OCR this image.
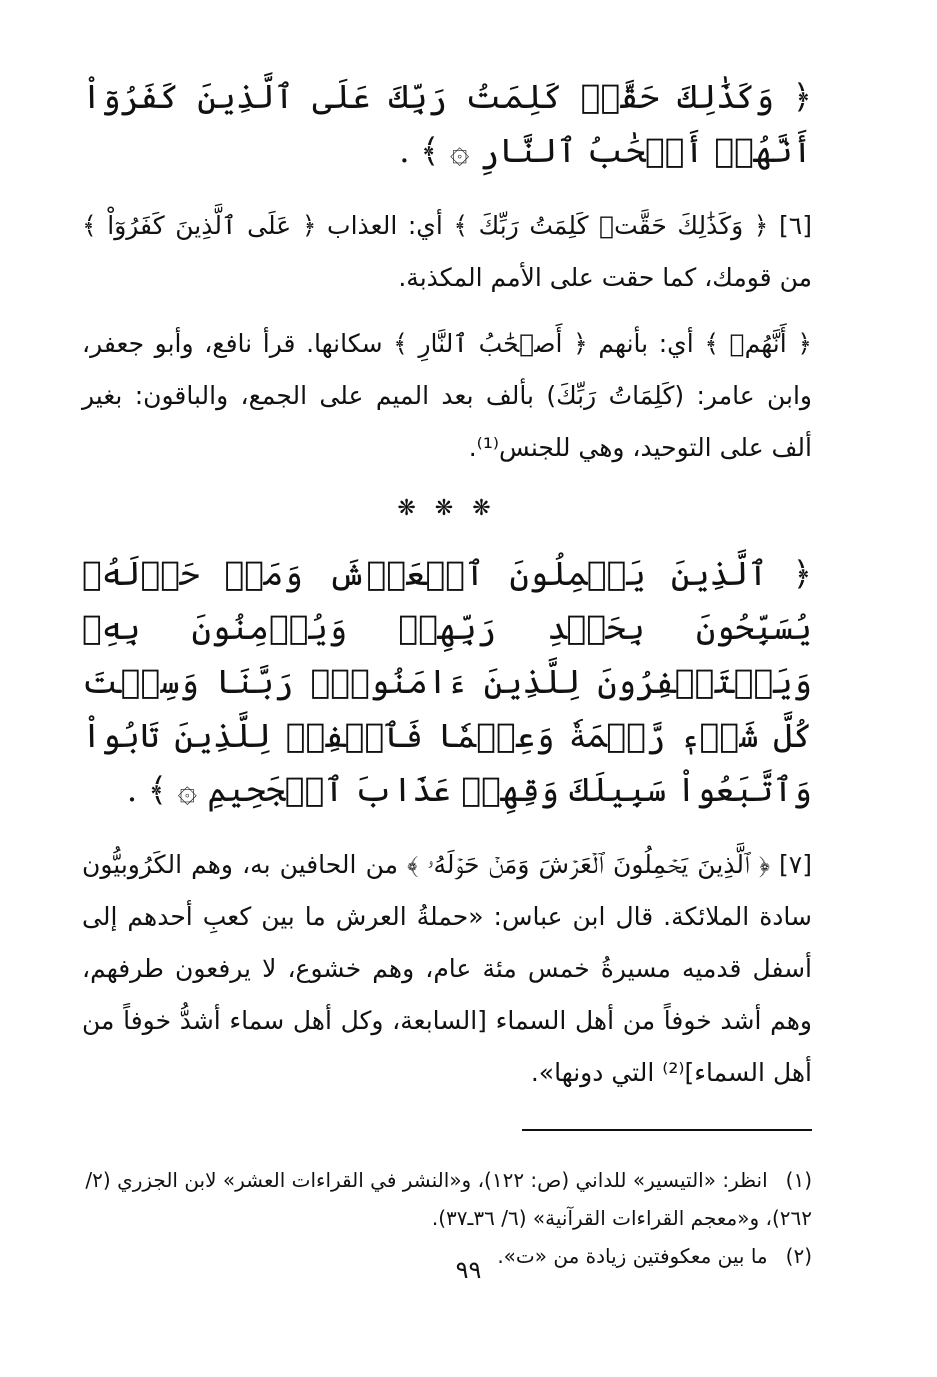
﴿ وَكَذَٰلِكَ حَقَّتۡ كَلِمَتُ رَبِّكَ عَلَى ٱلَّذِينَ كَفَرُوٓاْ أَنَّهُمۡ أَصۡحَٰبُ ٱلنَّارِ ۞ ﴾ .

[٦] ﴿ وَكَذَٰلِكَ حَقَّتۡ كَلِمَتُ رَبِّكَ ﴾ أي: العذاب ﴿ عَلَى ٱلَّذِينَ كَفَرُوٓاْ ﴾ من قومك، كما حقت على الأمم المكذبة.

﴿ أَنَّهُمۡ ﴾ أي: بأنهم ﴿ أَصۡحَٰبُ ٱلنَّارِ ﴾ سكانها. قرأ نافع، وأبو جعفر، وابن عامر: (كَلِمَاتُ رَبِّكَ) بألف بعد الميم على الجمع، والباقون: بغير ألف على التوحيد، وهي للجنس⁽¹⁾.

❋ ❋ ❋

﴿ ٱلَّذِينَ يَحۡمِلُونَ ٱلۡعَرۡشَ وَمَنۡ حَوۡلَهُۥ يُسَبِّحُونَ بِحَمۡدِ رَبِّهِمۡ وَيُؤۡمِنُونَ بِهِۦ وَيَسۡتَغۡفِرُونَ لِلَّذِينَ ءَامَنُواْۖ رَبَّنَا وَسِعۡتَ كُلَّ شَيۡءٖ رَّحۡمَةٗ وَعِلۡمٗا فَٱغۡفِرۡ لِلَّذِينَ تَابُواْ وَٱتَّبَعُواْ سَبِيلَكَ وَقِهِمۡ عَذَابَ ٱلۡجَحِيمِ ۞ ﴾ .

[٧] ﴿ ٱلَّذِينَ يَحۡمِلُونَ ٱلۡعَرۡشَ وَمَنۡ حَوۡلَهُۥ ﴾ من الحافين به، وهم الكَرُوبيُّون سادة الملائكة. قال ابن عباس: «حملةُ العرش ما بين كعبِ أحدهم إلى أسفل قدميه مسيرةُ خمس مئة عام، وهم خشوع، لا يرفعون طرفهم، وهم أشد خوفاً من أهل السماء [السابعة، وكل أهل سماء أشدُّ خوفاً من أهل السماء]⁽²⁾ التي دونها».

(١) انظر: «التيسير» للداني (ص: ١٢٢)، و«النشر في القراءات العشر» لابن الجزري (٢/ ٢٦٢)، و«معجم القراءات القرآنية» (٦/ ٣٦ـ٣٧).

(٢) ما بين معكوفتين زيادة من «ت».

٩٩
